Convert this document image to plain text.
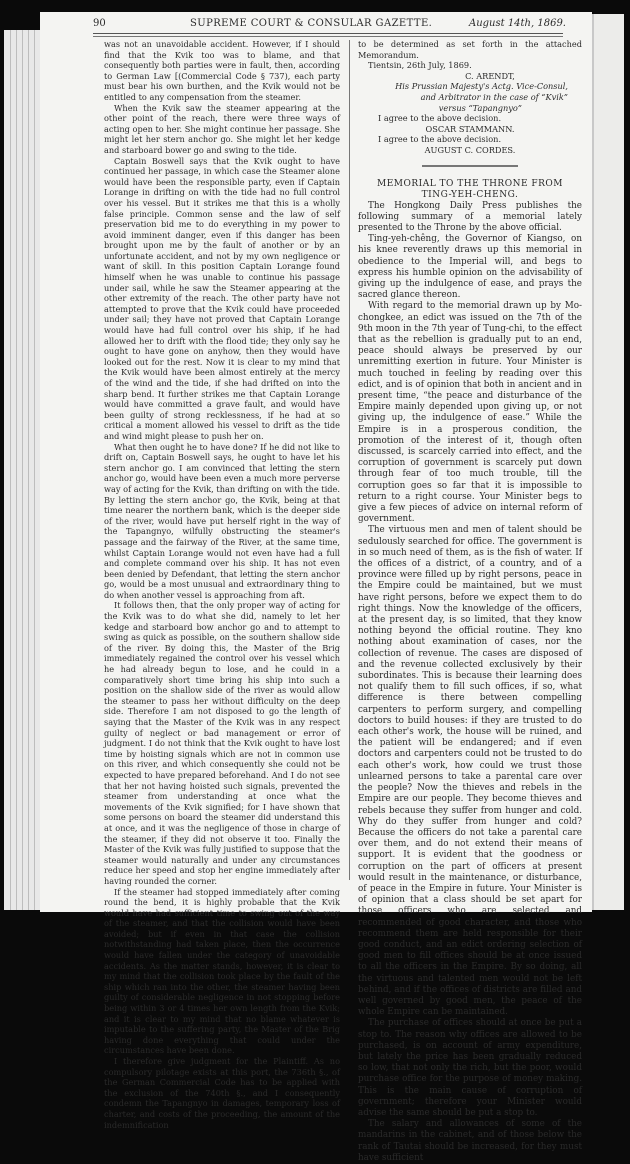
90	SUPREME COURT & CONSULAR GAZETTE.	August 14th, 1869.

was not an unavoidable accident. However, if I should find that the Kvik too was to blame, and that consequently both parties were in fault, then, according to German Law [(Commercial Code § 737), each party must bear his own burthen, and the Kvik would not be entitled to any compensation from the steamer.

When the Kvik saw the steamer appearing at the other point of the reach, there were three ways of acting open to her. She might continue her passage. She might let her stern anchor go. She might let her kedge and starboard bower go and swing to the tide.

Captain Boswell says that the Kvik ought to have continued her passage, in which case the Steamer alone would have been the responsible party, even if Captain Lorange in drifting on with the tide had no full control over his vessel. But it strikes me that this is a wholly false principle. Common sense and the law of self preservation bid me to do everything in my power to avoid imminent danger, even if this danger has been brought upon me by the fault of another or by an unfortunate accident, and not by my own negligence or want of skill. In this position Captain Lorange found himself when he was unable to continue his passage under sail, while he saw the Steamer appearing at the other extremity of the reach. The other party have not attempted to prove that the Kvik could have proceeded under sail; they have not proved that Captain Lorange would have had full control over his ship, if he had allowed her to drift with the flood tide; they only say he ought to have gone on anyhow, then they would have looked out for the rest. Now it is clear to my mind that the Kvik would have been almost entirely at the mercy of the wind and the tide, if she had drifted on into the sharp bend. It further strikes me that Captain Lorange would have committed a grave fault, and would have been guilty of strong recklessness, if he had at so critical a moment allowed his vessel to drift as the tide and wind might please to push her on.

What then ought he to have done? If he did not like to drift on, Captain Boswell says, he ought to have let his stern anchor go. I am convinced that letting the stern anchor go, would have been even a much more perverse way of acting for the Kvik, than drifting on with the tide. By letting the stern anchor go, the Kvik, being at that time nearer the northern bank, which is the deeper side of the river, would have put herself right in the way of the Tapangnyo, wilfully obstructing the steamer's passage and the fairway of the River, at the same time, whilst Captain Lorange would not even have had a full and complete command over his ship. It has not even been denied by Defendant, that letting the stern anchor go, would be a most unusual and extraordinary thing to do when another vessel is approaching from aft.

It follows then, that the only proper way of acting for the Kvik was to do what she did, namely to let her kedge and starboard bow anchor go and to attempt to swing as quick as possible, on the southern shallow side of the river. By doing this, the Master of the Brig immediately regained the control over his vessel which he had already begun to lose, and he could in a comparatively short time bring his ship into such a position on the shallow side of the river as would allow the steamer to pass her without difficulty on the deep side. Therefore I am not disposed to go the length of saying that the Master of the Kvik was in any respect guilty of neglect or bad management or error of judgment. I do not think that the Kvik ought to have lost time by hoisting signals which are not in common use on this river, and which consequently she could not be expected to have prepared beforehand. And I do not see that her not having hoisted such signals, prevented the steamer from understanding at once what the movements of the Kvik signified; for I have shown that some persons on board the steamer did understand this at once, and it was the negligence of those in charge of the steamer, if they did not observe it too. Finally the Master of the Kvik was fully justified to suppose that the steamer would naturally and under any circumstances reduce her speed and stop her engine immediately after having rounded the corner.

If the steamer had stopped immediately after coming round the bend, it is highly probable that the Kvik would have had sufficient time to swing out of the way of the steamer, and that the collision would have been avoided; but if even in that case the collision notwithstanding had taken place, then the occurrence would have fallen under the category of unavoidable accidents. As the matter stands, however, it is clear to my mind that the collision took place by the fault of the ship which ran into the other, the steamer having been guilty of considerable negligence in not stopping before being within 3 or 4 times her own length from the Kvik; and it is clear to my mind that no blame whatever is imputable to the suffering party, the Master of the Brig having done everything that could under the circumstances have been done.

I therefore give judgment for the Plaintiff. As no compulsory pilotage exists at this port, the 736th §., of the German Commercial Code has to be applied with the exclusion of the 740th §., and I consequently condemn the Tapangnyo in damages, temporary loss of charter, and costs of the proceeding, the amount of the indemnification

to be determined as set forth in the attached Memorandum.

Tientsin, 26th July, 1869.

C. ARENDT,

His Prussian Majesty's Actg. Vice-Consul,

and Arbitrator in the case of “Kvik”

versus “Tapangnyo”

I agree to the above decision.

OSCAR STAMMANN.

I agree to the above decision.

AUGUST C. CORDES.

MEMORIAL TO THE THRONE FROM

TING-YEH-CHENG.

The Hongkong Daily Press publishes the following summary of a memorial lately presented to the Throne by the above official.

Ting-yeh-chêng, the Governor of Kiangso, on his knee reverently draws up this memorial in obedience to the Imperial will, and begs to express his humble opinion on the advisability of giving up the indulgence of ease, and prays the sacred glance thereon.

With regard to the memorial drawn up by Mo-chongkee, an edict was issued on the 7th of the 9th moon in the 7th year of Tung-chi, to the effect that as the rebellion is gradually put to an end, peace should always be preserved by our unremitting exertion in future. Your Minister is much touched in feeling by reading over this edict, and is of opinion that both in ancient and in present time, “the peace and disturbance of the Empire mainly depended upon giving up, or not giving up, the indulgence of ease.” While the Empire is in a prosperous condition, the promotion of the interest of it, though often discussed, is scarcely carried into effect, and the corruption of government is scarcely put down through fear of too much trouble, till the corruption goes so far that it is impossible to return to a right course. Your Minister begs to give a few pieces of advice on internal reform of government.

The virtuous men and men of talent should be sedulously searched for office. The government is in so much need of them, as is the fish of water. If the offices of a district, of a country, and of a province were filled up by right persons, peace in the Empire could be maintained, but we must have right persons, before we expect them to do right things. Now the knowledge of the officers, at the present day, is so limited, that they know nothing beyond the official routine. They kno nothing about examination of cases, nor the collection of revenue. The cases are disposed of and the revenue collected exclusively by their subordinates. This is because their learning does not qualify them to fill such offices, if so, what difference is there between compelling carpenters to perform surgery, and compelling doctors to build houses: if they are trusted to do each other's work, the house will be ruined, and the patient will be endangered; and if even doctors and carpenters could not be trusted to do each other's work, how could we trust those unlearned persons to take a parental care over the people? Now the thieves and rebels in the Empire are our people. They become thieves and rebels because they suffer from hunger and cold. Why do they suffer from hunger and cold? Because the officers do not take a parental care over them, and do not extend their means of support. It is evident that the goodness or corruption on the part of officers at present would result in the maintenance, or disturbance, of peace in the Empire in future. Your Minister is of opinion that a class should be set apart for those officers who are selected and recommended of good character, and those who recommend them are held responsible for their good conduct, and an edict ordering selection of good men to fill offices should be at once issued to all the officers in the Empire. By so doing, all the virtuous and talented men would not be left behind, and if the offices of districts are filled and well governed by good men, the peace of the whole Empire can be maintained.

The purchase of offices should at once be put a stop to. The reason why offices are allowed to be purchased, is on account of army expenditure, but lately the price has been gradually reduced so low, that not only the rich, but the poor, would purchase office for the purpose of money making. This is the main cause of corruption of government; therefore your Minister would advise the same should be put a stop to.

The salary and allowances of some of the mandarins in the cabinet, and of those below the rank of Tautai should be increased, for they must have sufficient
